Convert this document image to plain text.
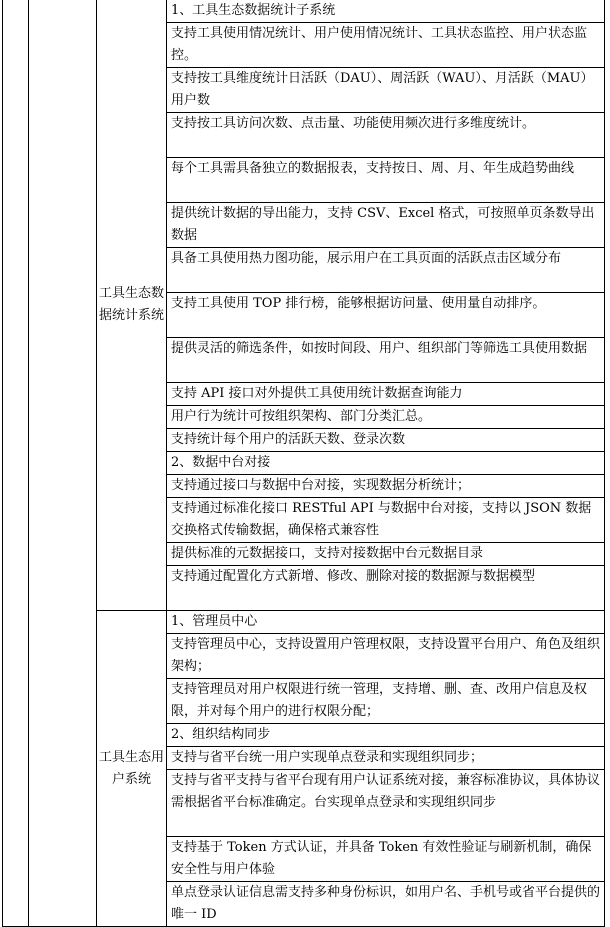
		工具生态数据统计系统	1、工具生态数据统计子系统
			支持工具使用情况统计、用户使用情况统计、工具状态监控、用户状态监控。
			支持按工具维度统计日活跃（DAU）、周活跃（WAU）、月活跃（MAU）用户数
			支持按工具访问次数、点击量、功能使用频次进行多维度统计。
			每个工具需具备独立的数据报表，支持按日、周、月、年生成趋势曲线
			提供统计数据的导出能力，支持 CSV、Excel 格式，可按照单页条数导出数据
			具备工具使用热力图功能，展示用户在工具页面的活跃点击区域分布
			支持工具使用 TOP 排行榜，能够根据访问量、使用量自动排序。
			提供灵活的筛选条件，如按时间段、用户、组织部门等筛选工具使用数据
			支持 API 接口对外提供工具使用统计数据查询能力
			用户行为统计可按组织架构、部门分类汇总。
			支持统计每个用户的活跃天数、登录次数
			2、数据中台对接
			支持通过接口与数据中台对接，实现数据分析统计；
			支持通过标准化接口 RESTful API 与数据中台对接，支持以 JSON 数据交换格式传输数据，确保格式兼容性
			提供标准的元数据接口，支持对接数据中台元数据目录
			支持通过配置化方式新增、修改、删除对接的数据源与数据模型
		工具生态用户系统	1、管理员中心
			支持管理员中心，支持设置用户管理权限，支持设置平台用户、角色及组织架构；
			支持管理员对用户权限进行统一管理，支持增、删、查、改用户信息及权限，并对每个用户的进行权限分配；
			2、组织结构同步
			支持与省平台统一用户实现单点登录和实现组织同步；
			支持与省平支持与省平台现有用户认证系统对接，兼容标准协议，具体协议需根据省平台标准确定。台实现单点登录和实现组织同步
			支持基于 Token 方式认证，并具备 Token 有效性验证与刷新机制，确保安全性与用户体验
			单点登录认证信息需支持多种身份标识，如用户名、手机号或省平台提供的唯一 ID
